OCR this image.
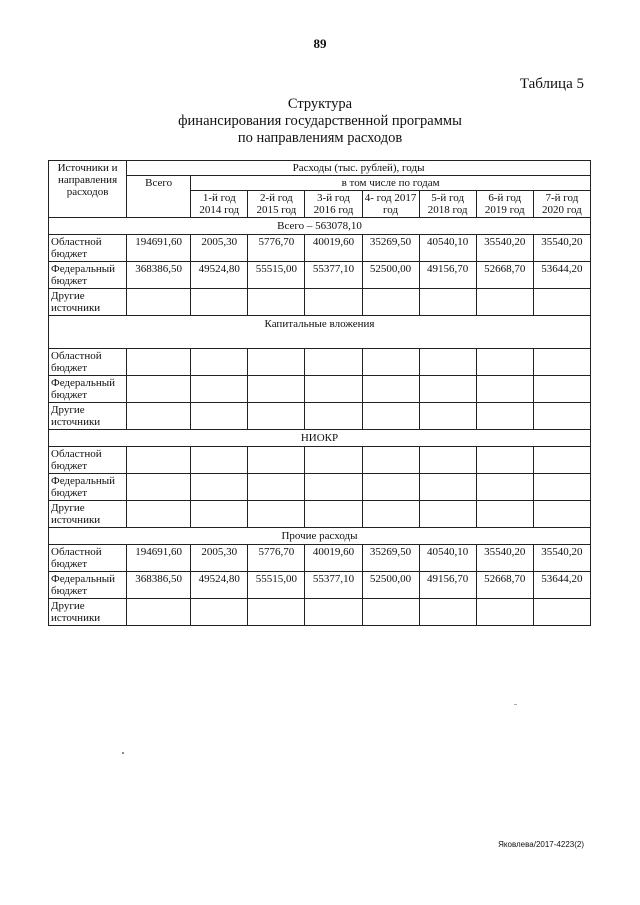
89
Таблица 5
Структура
финансирования государственной программы
по направлениям расходов
Источники и направления расходов	Расходы (тыс. рублей), годы							
	Всего	в том числе по годам						
		1-й год 2014 год	2-й год 2015 год	3-й год 2016 год	4- год 2017 год	5-й год 2018 год	6-й год 2019 год	7-й год 2020 год
Всего – 563078,10								
Областной бюджет	194691,60	2005,30	5776,70	40019,60	35269,50	40540,10	35540,20	35540,20
Федеральный бюджет	368386,50	49524,80	55515,00	55377,10	52500,00	49156,70	52668,70	53644,20
Другие источники								
Капитальные вложения								
Областной бюджет								
Федеральный бюджет								
Другие источники								
НИОКР								
Областной бюджет								
Федеральный бюджет								
Другие источники								
Прочие расходы								
Областной бюджет	194691,60	2005,30	5776,70	40019,60	35269,50	40540,10	35540,20	35540,20
Федеральный бюджет	368386,50	49524,80	55515,00	55377,10	52500,00	49156,70	52668,70	53644,20
Другие источники								
Яковлева/2017-4223(2)
